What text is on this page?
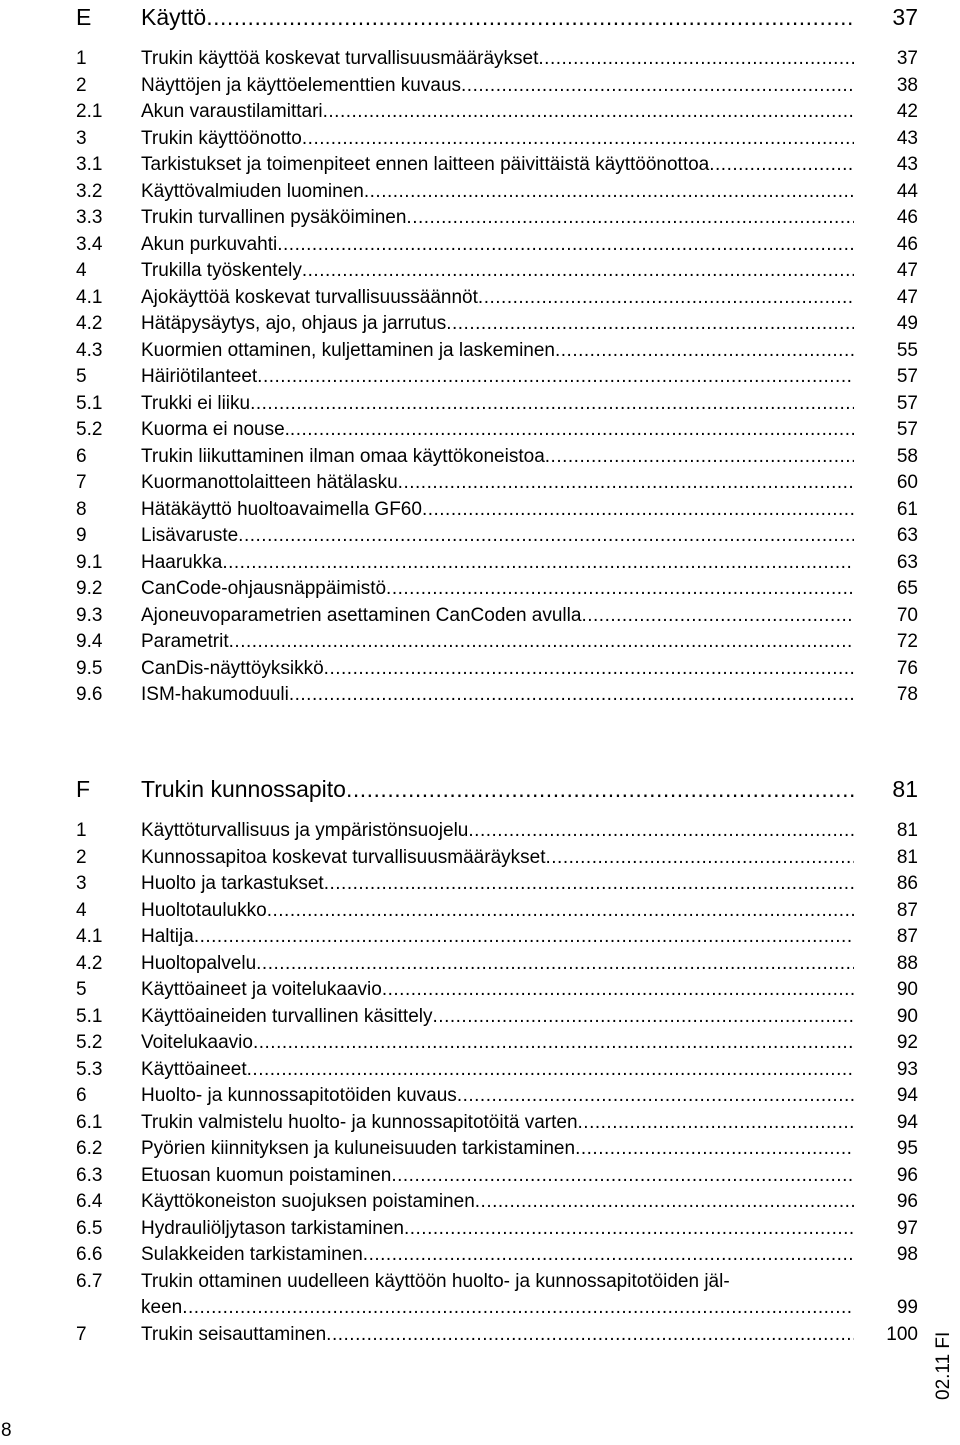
E	Käyttö .....	37
1	Trukin käyttöä koskevat turvallisuusmääräykset .....	37
2	Näyttöjen ja käyttöelementtien kuvaus .....	38
2.1	Akun varaustilamittari .....	42
3	Trukin käyttöönotto .....	43
3.1	Tarkistukset ja toimenpiteet ennen laitteen päivittäistä käyttöönottoa .....	43
3.2	Käyttövalmiuden luominen .....	44
3.3	Trukin turvallinen pysäköiminen .....	46
3.4	Akun purkuvahti .....	46
4	Trukilla työskentely .....	47
4.1	Ajokäyttöä koskevat turvallisuussäännöt .....	47
4.2	Hätäpysäytys, ajo, ohjaus ja jarrutus .....	49
4.3	Kuormien ottaminen, kuljettaminen ja laskeminen .....	55
5	Häiriötilanteet .....	57
5.1	Trukki ei liiku .....	57
5.2	Kuorma ei nouse. .....	57
6	Trukin liikuttaminen ilman omaa käyttökoneistoa .....	58
7	Kuormanottolaitteen hätälasku .....	60
8	Hätäkäyttö huoltoavaimella GF60 .....	61
9	Lisävaruste .....	63
9.1	Haarukka .....	63
9.2	CanCode-ohjausnäppäimistö .....	65
9.3	Ajoneuvoparametrien asettaminen CanCoden avulla .....	70
9.4	Parametrit .....	72
9.5	CanDis-näyttöyksikkö .....	76
9.6	ISM-hakumoduuli .....	78
F	Trukin kunnossapito .....	81
1	Käyttöturvallisuus ja ympäristönsuojelu .....	81
2	Kunnossapitoa koskevat turvallisuusmääräykset .....	81
3	Huolto ja tarkastukset .....	86
4	Huoltotaulukko .....	87
4.1	Haltija .....	87
4.2	Huoltopalvelu .....	88
5	Käyttöaineet ja voitelukaavio .....	90
5.1	Käyttöaineiden turvallinen käsittely .....	90
5.2	Voitelukaavio .....	92
5.3	Käyttöaineet .....	93
6	Huolto- ja kunnossapitotöiden kuvaus .....	94
6.1	Trukin valmistelu huolto- ja kunnossapitotöitä varten .....	94
6.2	Pyörien kiinnityksen ja kuluneisuuden tarkistaminen .....	95
6.3	Etuosan kuomun poistaminen .....	96
6.4	Käyttökoneiston suojuksen poistaminen .....	96
6.5	Hydrauliöljytason tarkistaminen .....	97
6.6	Sulakkeiden tarkistaminen .....	98
6.7	Trukin ottaminen uudelleen käyttöön huolto- ja kunnossapitotöiden jäl-
keen .....	99
7	Trukin seisauttaminen .....	100 02.11 FI
8
